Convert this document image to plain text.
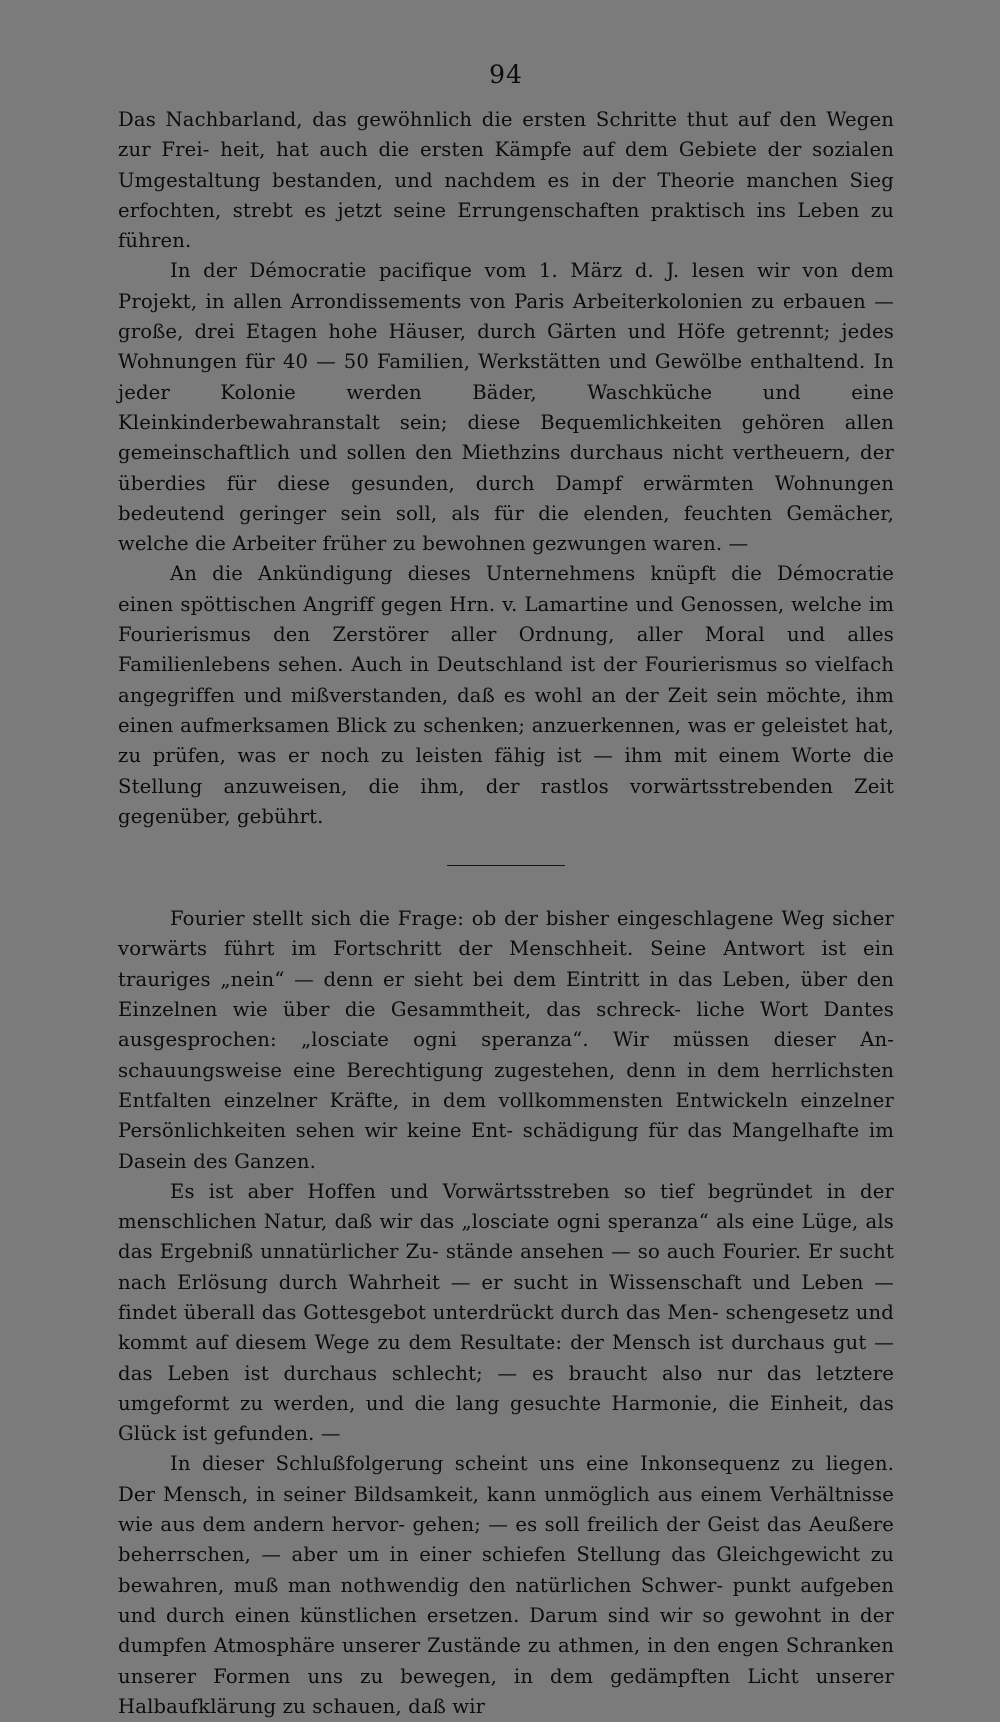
94

Das Nachbarland, das gewöhnlich die ersten Schritte thut auf den Wegen zur Frei- heit, hat auch die ersten Kämpfe auf dem Gebiete der sozialen Umgestaltung bestanden, und nachdem es in der Theorie manchen Sieg erfochten, strebt es jetzt seine Errungenschaften praktisch ins Leben zu führen.

In der Démocratie pacifique vom 1. März d. J. lesen wir von dem Projekt, in allen Arrondissements von Paris Arbeiterkolonien zu erbauen — große, drei Etagen hohe Häuser, durch Gärten und Höfe getrennt; jedes Wohnungen für 40 — 50 Familien, Werkstätten und Gewölbe enthaltend. In jeder Kolonie werden Bäder, Waschküche und eine Kleinkinderbewahranstalt sein; diese Bequemlichkeiten gehören allen gemeinschaftlich und sollen den Miethzins durchaus nicht vertheuern, der überdies für diese gesunden, durch Dampf erwärmten Wohnungen bedeutend geringer sein soll, als für die elenden, feuchten Gemächer, welche die Arbeiter früher zu bewohnen gezwungen waren. —

An die Ankündigung dieses Unternehmens knüpft die Démocratie einen spöttischen Angriff gegen Hrn. v. Lamartine und Genossen, welche im Fourierismus den Zerstörer aller Ordnung, aller Moral und alles Familienlebens sehen. Auch in Deutschland ist der Fourierismus so vielfach angegriffen und mißverstanden, daß es wohl an der Zeit sein möchte, ihm einen aufmerksamen Blick zu schenken; anzuerkennen, was er geleistet hat, zu prüfen, was er noch zu leisten fähig ist — ihm mit einem Worte die Stellung anzuweisen, die ihm, der rastlos vorwärtsstrebenden Zeit gegenüber, gebührt.

Fourier stellt sich die Frage: ob der bisher eingeschlagene Weg sicher vorwärts führt im Fortschritt der Menschheit. Seine Antwort ist ein trauriges „nein“ — denn er sieht bei dem Eintritt in das Leben, über den Einzelnen wie über die Gesammtheit, das schreck- liche Wort Dantes ausgesprochen: „losciate ogni speranza“. Wir müssen dieser An- schauungsweise eine Berechtigung zugestehen, denn in dem herrlichsten Entfalten einzelner Kräfte, in dem vollkommensten Entwickeln einzelner Persönlichkeiten sehen wir keine Ent- schädigung für das Mangelhafte im Dasein des Ganzen.

Es ist aber Hoffen und Vorwärtsstreben so tief begründet in der menschlichen Natur, daß wir das „losciate ogni speranza“ als eine Lüge, als das Ergebniß unnatürlicher Zu- stände ansehen — so auch Fourier. Er sucht nach Erlösung durch Wahrheit — er sucht in Wissenschaft und Leben — findet überall das Gottesgebot unterdrückt durch das Men- schengesetz und kommt auf diesem Wege zu dem Resultate: der Mensch ist durchaus gut — das Leben ist durchaus schlecht; — es braucht also nur das letztere umgeformt zu werden, und die lang gesuchte Harmonie, die Einheit, das Glück ist gefunden. —

In dieser Schlußfolgerung scheint uns eine Inkonsequenz zu liegen. Der Mensch, in seiner Bildsamkeit, kann unmöglich aus einem Verhältnisse wie aus dem andern hervor- gehen; — es soll freilich der Geist das Aeußere beherrschen, — aber um in einer schiefen Stellung das Gleichgewicht zu bewahren, muß man nothwendig den natürlichen Schwer- punkt aufgeben und durch einen künstlichen ersetzen. Darum sind wir so gewohnt in der dumpfen Atmosphäre unserer Zustände zu athmen, in den engen Schranken unserer Formen uns zu bewegen, in dem gedämpften Licht unserer Halbaufklärung zu schauen, daß wir
